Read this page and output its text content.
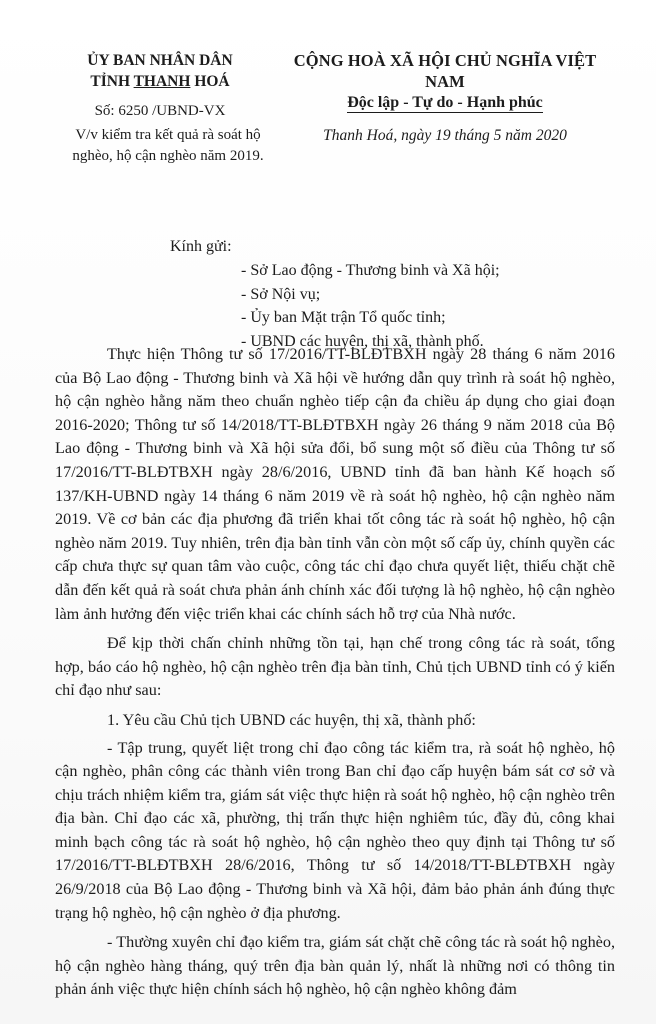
ỦY BAN NHÂN DÂN
TỈNH THANH HOÁ
Số: 6250 /UBND-VX
V/v kiểm tra kết quả rà soát hộ nghèo, hộ cận nghèo năm 2019.
CỘNG HOÀ XÃ HỘI CHỦ NGHĨA VIỆT NAM
Độc lập - Tự do - Hạnh phúc
Thanh Hoá, ngày 19 tháng 5 năm 2020
Kính gửi:
- Sở Lao động - Thương binh và Xã hội;
- Sở Nội vụ;
- Ủy ban Mặt trận Tổ quốc tỉnh;
- UBND các huyện, thị xã, thành phố.

Thực hiện Thông tư số 17/2016/TT-BLĐTBXH ngày 28 tháng 6 năm 2016 của Bộ Lao động - Thương binh và Xã hội về hướng dẫn quy trình rà soát hộ nghèo, hộ cận nghèo hằng năm theo chuẩn nghèo tiếp cận đa chiều áp dụng cho giai đoạn 2016-2020; Thông tư số 14/2018/TT-BLĐTBXH ngày 26 tháng 9 năm 2018 của Bộ Lao động - Thương binh và Xã hội sửa đổi, bổ sung một số điều của Thông tư số 17/2016/TT-BLĐTBXH ngày 28/6/2016, UBND tỉnh đã ban hành Kế hoạch số 137/KH-UBND ngày 14 tháng 6 năm 2019 về rà soát hộ nghèo, hộ cận nghèo năm 2019. Về cơ bản các địa phương đã triển khai tốt công tác rà soát hộ nghèo, hộ cận nghèo năm 2019. Tuy nhiên, trên địa bàn tỉnh vẫn còn một số cấp ủy, chính quyền các cấp chưa thực sự quan tâm vào cuộc, công tác chỉ đạo chưa quyết liệt, thiếu chặt chẽ dẫn đến kết quả rà soát chưa phản ánh chính xác đối tượng là hộ nghèo, hộ cận nghèo làm ảnh hưởng đến việc triển khai các chính sách hỗ trợ của Nhà nước.

Để kịp thời chấn chỉnh những tồn tại, hạn chế trong công tác rà soát, tổng hợp, báo cáo hộ nghèo, hộ cận nghèo trên địa bàn tỉnh, Chủ tịch UBND tỉnh có ý kiến chỉ đạo như sau:

1. Yêu cầu Chủ tịch UBND các huyện, thị xã, thành phố:

- Tập trung, quyết liệt trong chỉ đạo công tác kiểm tra, rà soát hộ nghèo, hộ cận nghèo, phân công các thành viên trong Ban chỉ đạo cấp huyện bám sát cơ sở và chịu trách nhiệm kiểm tra, giám sát việc thực hiện rà soát hộ nghèo, hộ cận nghèo trên địa bàn. Chỉ đạo các xã, phường, thị trấn thực hiện nghiêm túc, đầy đủ, công khai minh bạch công tác rà soát hộ nghèo, hộ cận nghèo theo quy định tại Thông tư số 17/2016/TT-BLĐTBXH 28/6/2016, Thông tư số 14/2018/TT-BLĐTBXH ngày 26/9/2018 của Bộ Lao động - Thương binh và Xã hội, đảm bảo phản ánh đúng thực trạng hộ nghèo, hộ cận nghèo ở địa phương.

- Thường xuyên chỉ đạo kiểm tra, giám sát chặt chẽ công tác rà soát hộ nghèo, hộ cận nghèo hàng tháng, quý trên địa bàn quản lý, nhất là những nơi có thông tin phản ánh việc thực hiện chính sách hộ nghèo, hộ cận nghèo không đảm
